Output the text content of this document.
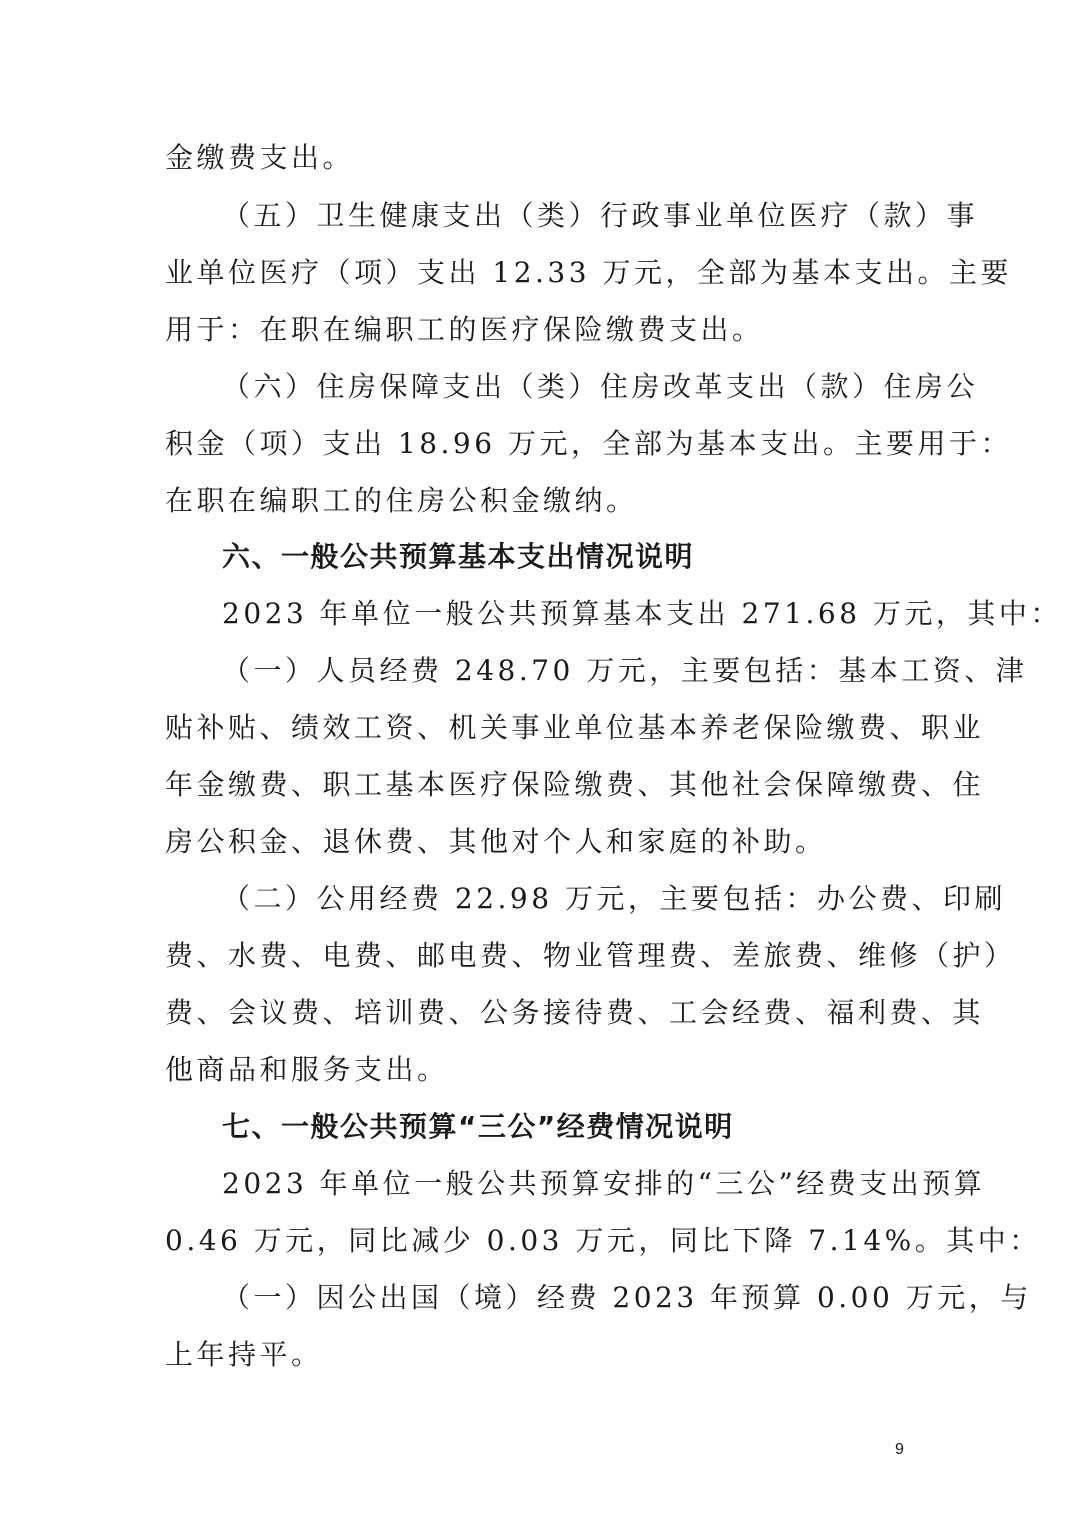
金缴费支出。
（五）卫生健康支出（类）行政事业单位医疗（款）事
业单位医疗（项）支出 12.33 万元，全部为基本支出。主要
用于：在职在编职工的医疗保险缴费支出。
（六）住房保障支出（类）住房改革支出（款）住房公
积金（项）支出 18.96 万元，全部为基本支出。主要用于：
在职在编职工的住房公积金缴纳。
六、一般公共预算基本支出情况说明
2023 年单位一般公共预算基本支出 271.68 万元，其中：
（一）人员经费 248.70 万元，主要包括：基本工资、津
贴补贴、绩效工资、机关事业单位基本养老保险缴费、职业
年金缴费、职工基本医疗保险缴费、其他社会保障缴费、住
房公积金、退休费、其他对个人和家庭的补助。
（二）公用经费 22.98 万元，主要包括：办公费、印刷
费、水费、电费、邮电费、物业管理费、差旅费、维修（护）
费、会议费、培训费、公务接待费、工会经费、福利费、其
他商品和服务支出。
七、一般公共预算“三公”经费情况说明
2023 年单位一般公共预算安排的“三公”经费支出预算
0.46 万元，同比减少 0.03 万元，同比下降 7.14%。其中：
（一）因公出国（境）经费 2023 年预算 0.00 万元，与
上年持平。
9
